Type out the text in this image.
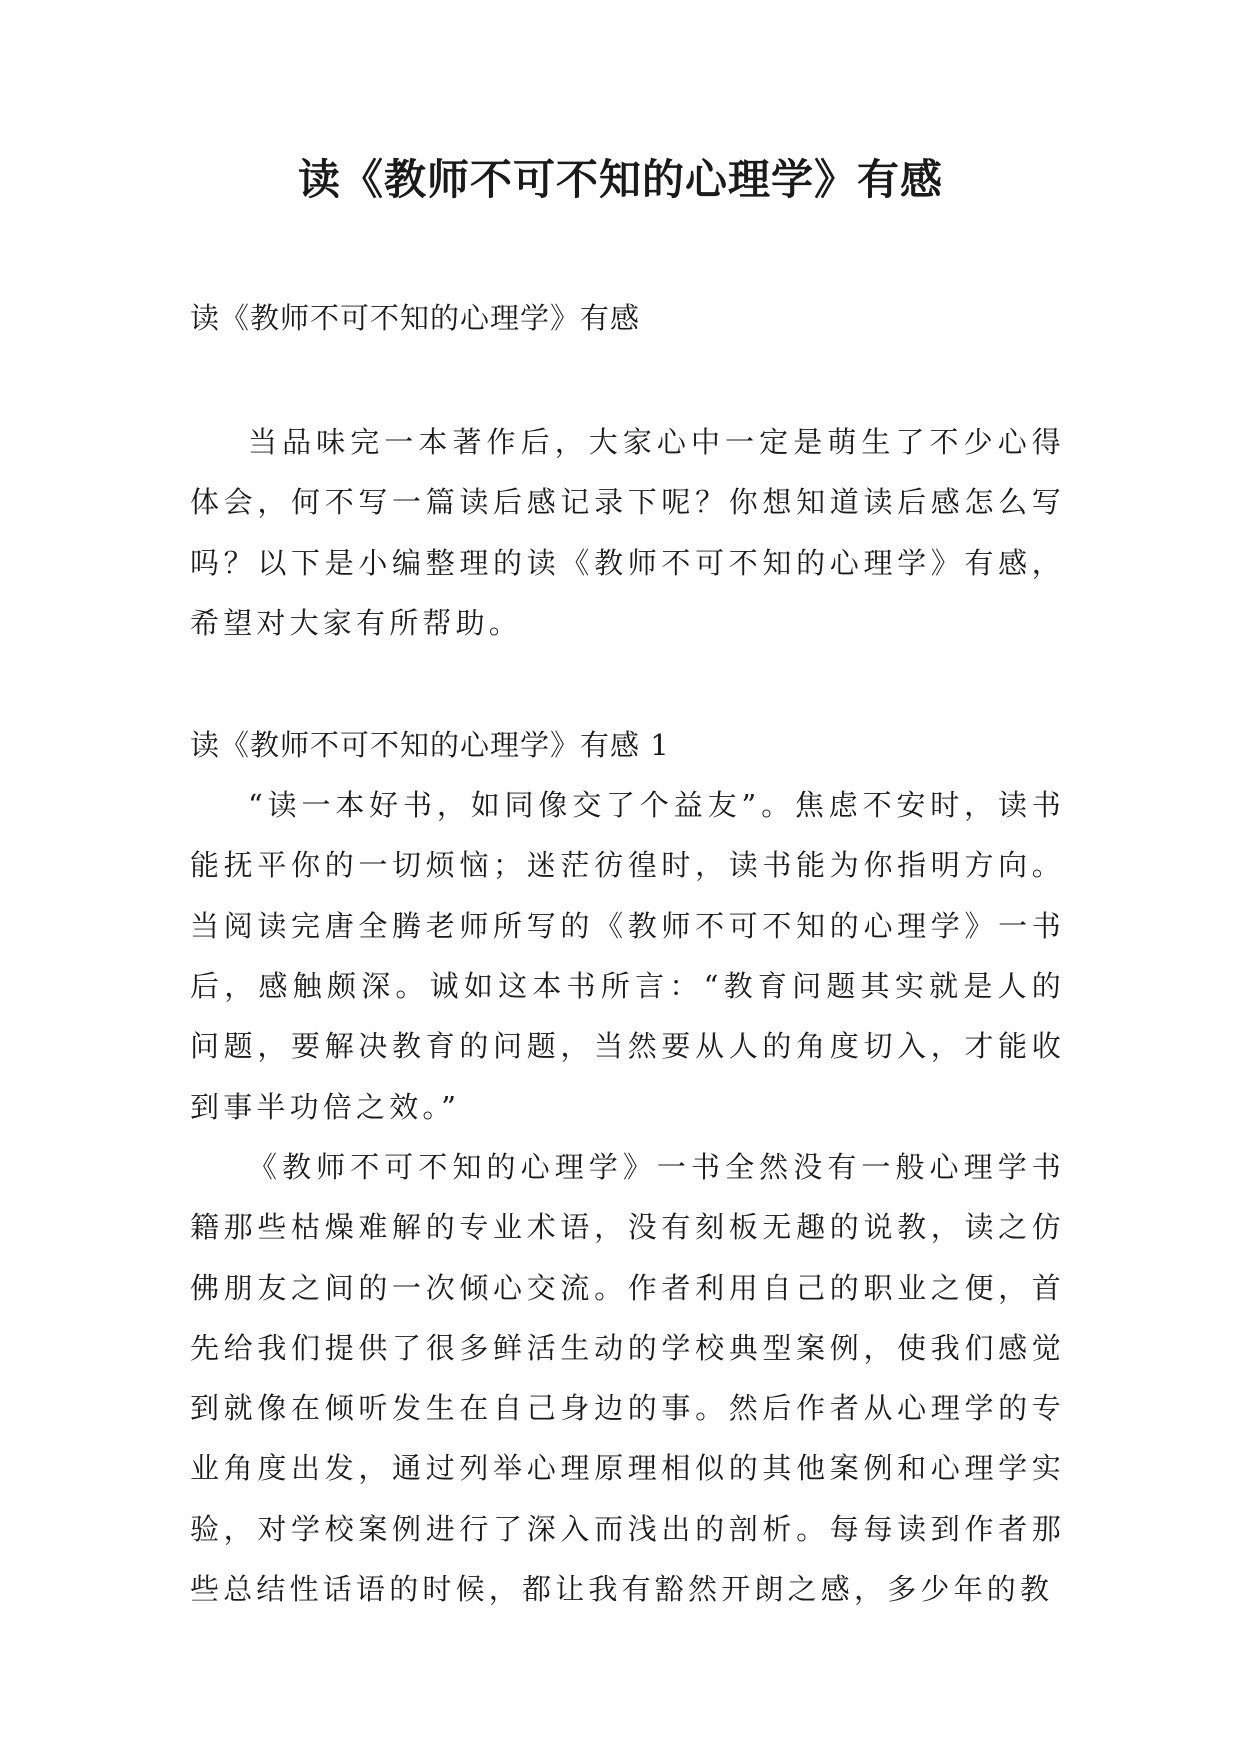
读《教师不可不知的心理学》有感

读《教师不可不知的心理学》有感

当品味完一本著作后，大家心中一定是萌生了不少心得体会，何不写一篇读后感记录下呢？你想知道读后感怎么写吗？以下是小编整理的读《教师不可不知的心理学》有感，希望对大家有所帮助。

读《教师不可不知的心理学》有感 1

“读一本好书，如同像交了个益友”。焦虑不安时，读书能抚平你的一切烦恼；迷茫彷徨时，读书能为你指明方向。当阅读完唐全腾老师所写的《教师不可不知的心理学》一书后，感触颇深。诚如这本书所言：“教育问题其实就是人的问题，要解决教育的问题，当然要从人的角度切入，才能收到事半功倍之效。”

《教师不可不知的心理学》一书全然没有一般心理学书籍那些枯燥难解的专业术语，没有刻板无趣的说教，读之仿佛朋友之间的一次倾心交流。作者利用自己的职业之便，首先给我们提供了很多鲜活生动的学校典型案例，使我们感觉到就像在倾听发生在自己身边的事。然后作者从心理学的专业角度出发，通过列举心理原理相似的其他案例和心理学实验，对学校案例进行了深入而浅出的剖析。每每读到作者那些总结性话语的时候，都让我有豁然开朗之感，多少年的教
